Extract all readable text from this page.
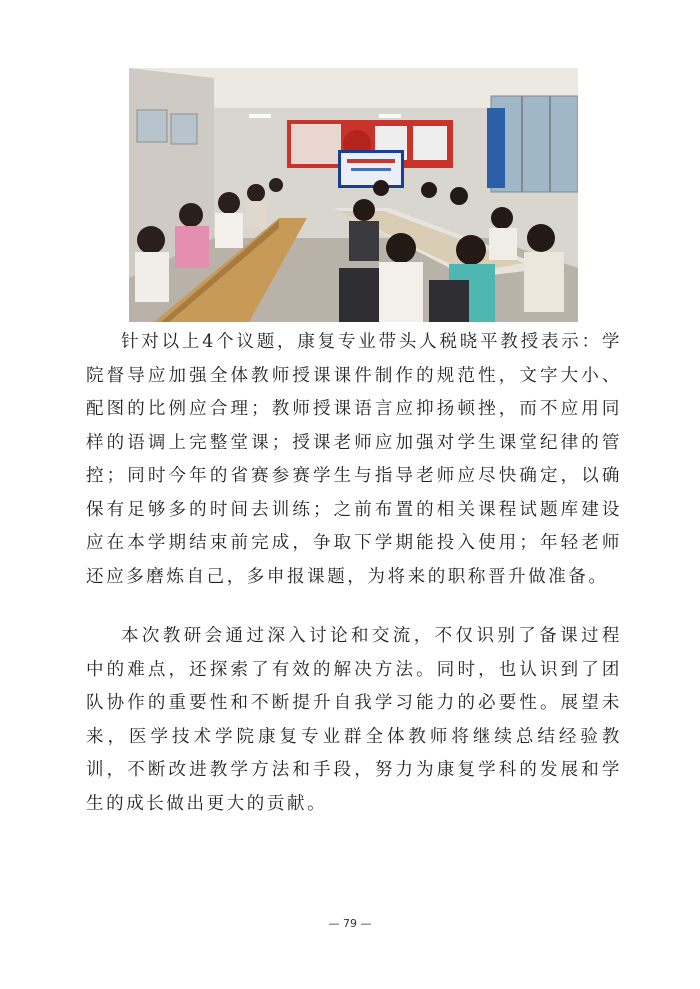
针对以上4个议题，康复专业带头人税晓平教授表示：学院督导应加强全体教师授课课件制作的规范性，文字大小、配图的比例应合理；教师授课语言应抑扬顿挫，而不应用同样的语调上完整堂课；授课老师应加强对学生课堂纪律的管控；同时今年的省赛参赛学生与指导老师应尽快确定，以确保有足够多的时间去训练；之前布置的相关课程试题库建设应在本学期结束前完成，争取下学期能投入使用；年轻老师还应多磨炼自己，多申报课题，为将来的职称晋升做准备。

本次教研会通过深入讨论和交流，不仅识别了备课过程中的难点，还探索了有效的解决方法。同时，也认识到了团队协作的重要性和不断提升自我学习能力的必要性。展望未来，医学技术学院康复专业群全体教师将继续总结经验教训，不断改进教学方法和手段，努力为康复学科的发展和学生的成长做出更大的贡献。

— 79 —
